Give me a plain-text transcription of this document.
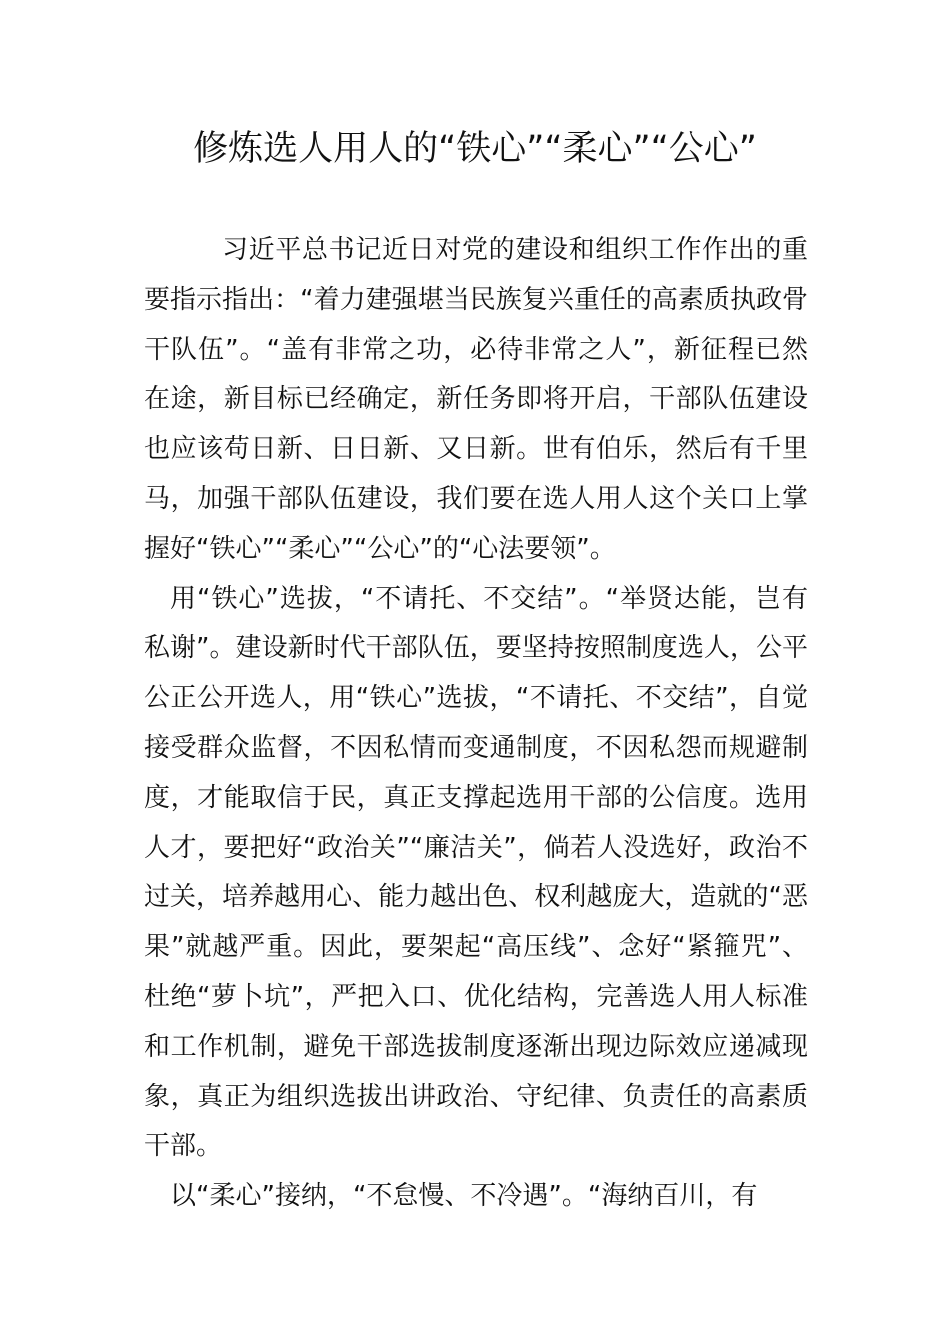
修炼选人用人的“铁心”“柔心”“公心”

习近平总书记近日对党的建设和组织工作作出的重要指示指出：“着力建强堪当民族复兴重任的高素质执政骨干队伍”。“盖有非常之功，必待非常之人”，新征程已然在途，新目标已经确定，新任务即将开启，干部队伍建设也应该苟日新、日日新、又日新。世有伯乐，然后有千里马，加强干部队伍建设，我们要在选人用人这个关口上掌握好“铁心”“柔心”“公心”的“心法要领”。

用“铁心”选拔，“不请托、不交结”。“举贤达能，岂有私谢”。建设新时代干部队伍，要坚持按照制度选人，公平公正公开选人，用“铁心”选拔，“不请托、不交结”，自觉接受群众监督，不因私情而变通制度，不因私怨而规避制度，才能取信于民，真正支撑起选用干部的公信度。选用人才，要把好“政治关”“廉洁关”，倘若人没选好，政治不过关，培养越用心、能力越出色、权利越庞大，造就的“恶果”就越严重。因此，要架起“高压线”、念好“紧箍咒”、杜绝“萝卜坑”，严把入口、优化结构，完善选人用人标准和工作机制，避免干部选拔制度逐渐出现边际效应递减现象，真正为组织选拔出讲政治、守纪律、负责任的高素质干部。

以“柔心”接纳，“不怠慢、不冷遇”。“海纳百川，有
